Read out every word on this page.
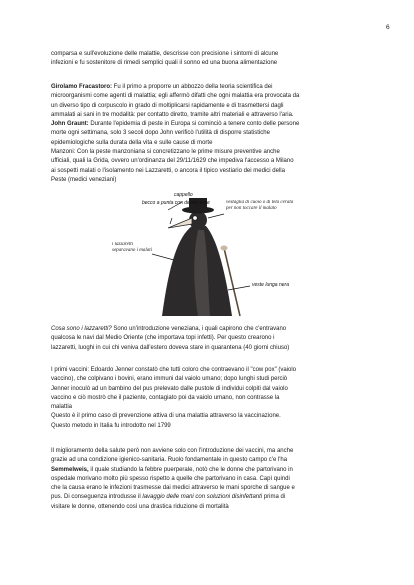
6

comparsa e sull'evoluzione delle malattie, descrisse con precisione i sintomi di alcune
infezioni e fu sostenitore di rimedi semplici quali il sonno ed una buona alimentazione

Girolamo Fracastoro: Fu il primo a proporre un abbozzo della teoria scientifica dei
microorganismi come agenti di malattia; egli affermò difatti che ogni malattia era provocata da
un diverso tipo di corpuscolo in grado di moltiplicarsi rapidamente e di trasmettersi dagli
ammalati ai sani in tre modalità: per contatto diretto, tramite altri materiali e attraverso l'aria.

John Graunt: Durante l'epidemia di peste in Europa si cominciò a tenere conto delle persone
morte ogni settimana, solo 3 secoli dopo John verificò l'utilità di disporre statistiche
epidemiologiche sulla durata della vita e sulle cause di morte

Manzoni: Con la peste manzoniana si concretizzano le prime misure preventive anche
ufficiali, quali la Grida, ovvero un'ordinanza del 29/11/1629 che impediva l'accesso a Milano
ai sospetti malati o l'isolamento nei Lazzaretti, o ancora il tipico vestiario dei medici della
Peste (medici veneziani)

becco a punta con dentro erbe
cappello
vestaglia di cuoio o di tela cerata per non toccare il malato
i lazzaretti separavano i malati
veste lunga nera

Cosa sono i lazzaretti? Sono un'introduzione veneziana, i quali capirono che c'entravano
qualcosa le navi dal Medio Oriente (che importava topi infetti). Per questo crearono i
lazzaretti, luoghi in cui chi veniva dall'estero doveva stare in quarantena (40 giorni chiuso)

I primi vaccini: Edoardo Jenner constatò che tutti coloro che contraevano il "cow pox" (vaiolo
vaccino), che colpivano i bovini, erano immuni dal vaiolo umano; dopo lunghi studi perciò
Jenner inoculò ad un bambino del pus prelevato dalle pustole di individui colpiti dal vaiolo
vaccino e ciò mostrò che il paziente, contagiato poi da vaiolo umano, non contrasse la
malattia
Questo è il primo caso di prevenzione attiva di una malattia attraverso la vaccinazione.
Questo metodo in Italia fu introdotto nel 1799

Il miglioramento della salute però non avviene solo con l'introduzione dei vaccini, ma anche
grazie ad una condizione igienico-sanitaria. Ruolo fondamentale in questo campo c'e l'ha
Semmelweis, il quale studiando la febbre puerperale, notò che le donne che partorivano in
ospedale morivano molto più spesso rispetto a quelle che partorivano in casa. Capì quindi
che la causa erano le infezioni trasmesse dai medici attraverso le mani sporche di sangue e
pus. Di conseguenza introdusse il lavaggio delle mani con soluzioni disinfettanti prima di
visitare le donne, ottenendo così una drastica riduzione di mortalità
